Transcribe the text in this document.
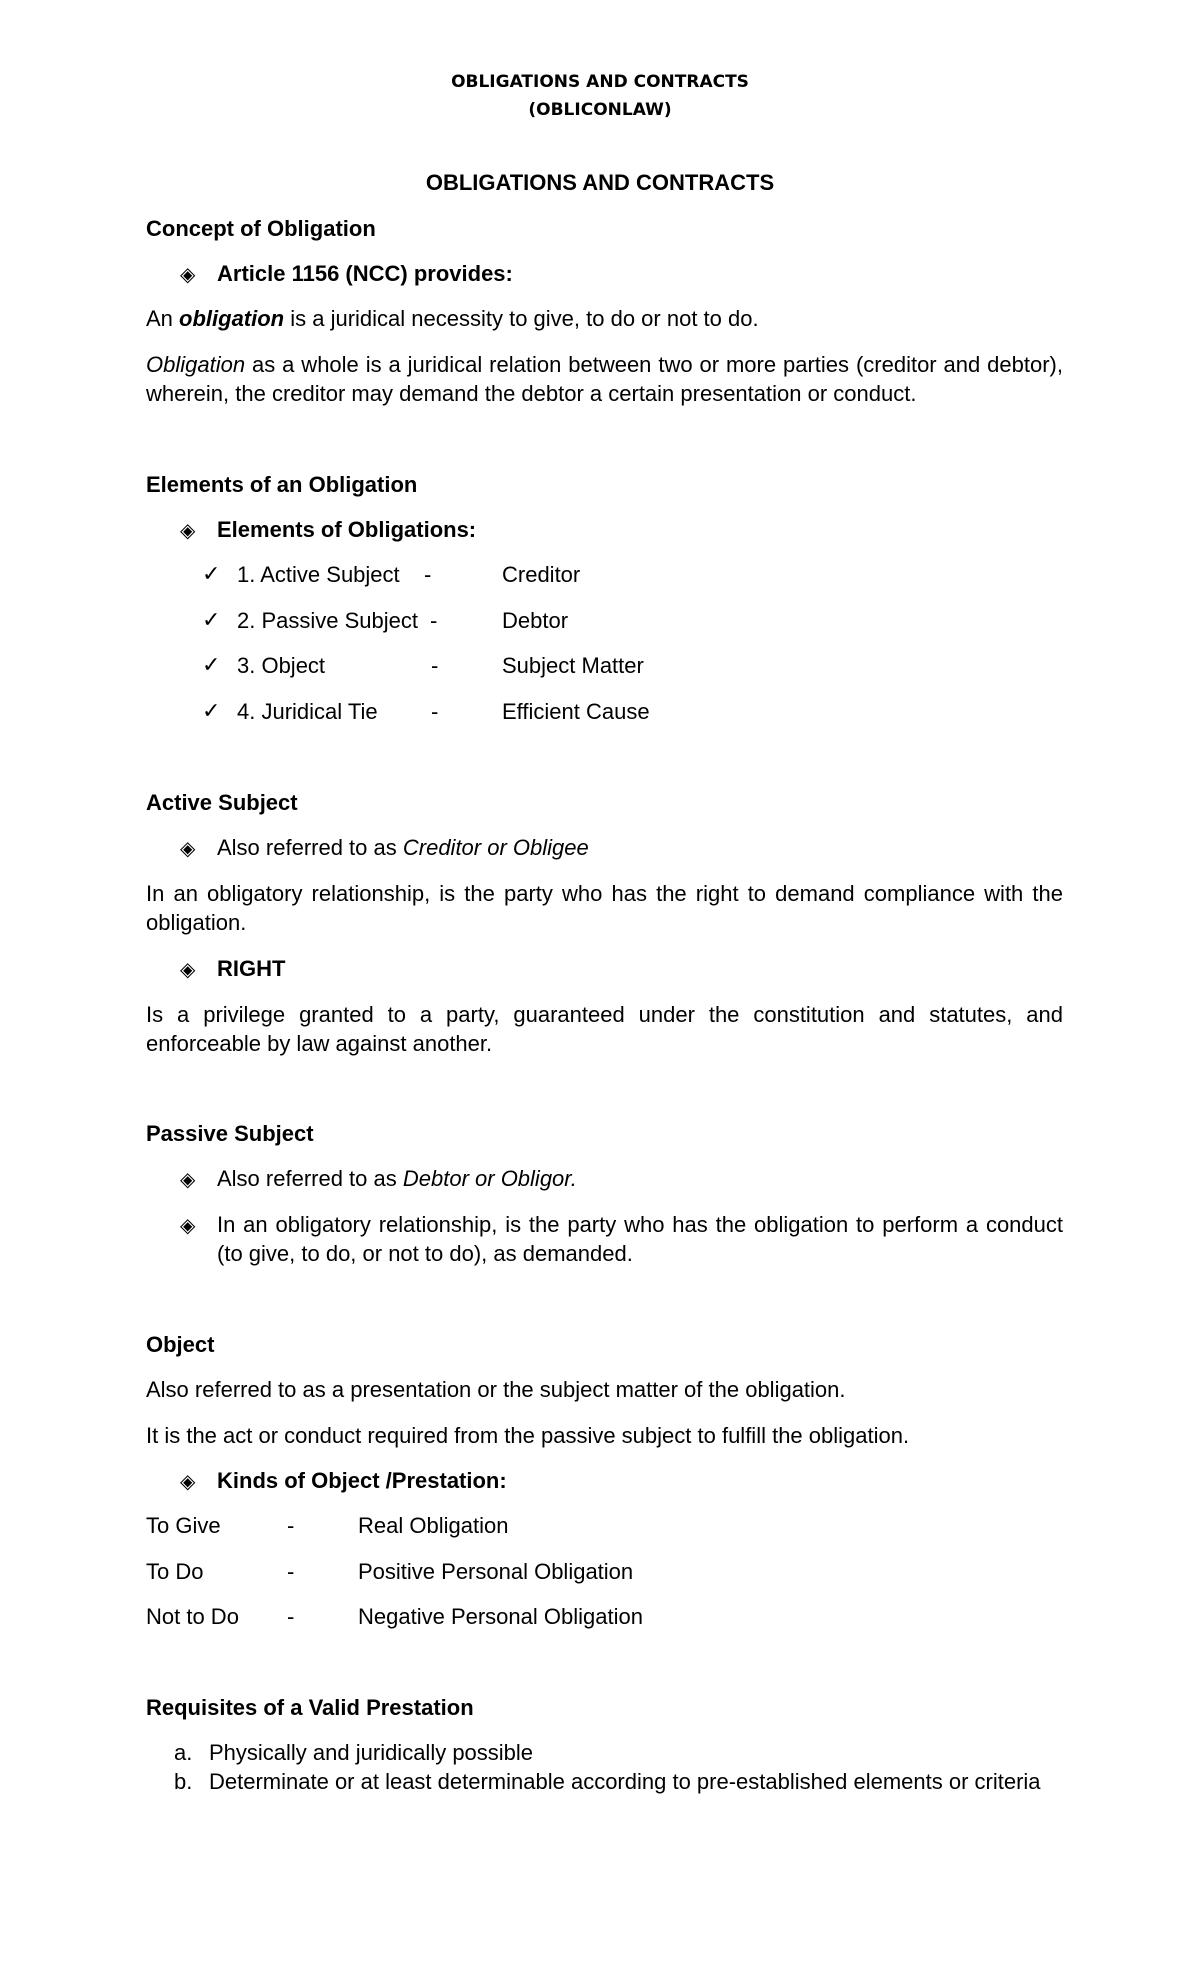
OBLIGATIONS AND CONTRACTS
(OBLICONLAW)
OBLIGATIONS AND CONTRACTS
Concept of Obligation
◈ Article 1156 (NCC) provides:
An obligation is a juridical necessity to give, to do or not to do.
Obligation as a whole is a juridical relation between two or more parties (creditor and debtor), wherein, the creditor may demand the debtor a certain presentation or conduct.
Elements of an Obligation
◈ Elements of Obligations:
✓ 1. Active Subject -	Creditor
✓ 2. Passive Subject -	Debtor
✓ 3. Object	-	Subject Matter
✓ 4. Juridical Tie -	Efficient Cause
Active Subject
◈ Also referred to as Creditor or Obligee
In an obligatory relationship, is the party who has the right to demand compliance with the obligation.
◈ RIGHT
Is a privilege granted to a party, guaranteed under the constitution and statutes, and enforceable by law against another.
Passive Subject
◈ Also referred to as Debtor or Obligor.
◈ In an obligatory relationship, is the party who has the obligation to perform a conduct (to give, to do, or not to do), as demanded.
Object
Also referred to as a presentation or the subject matter of the obligation.
It is the act or conduct required from the passive subject to fulfill the obligation.
◈ Kinds of Object /Prestation:
To Give	-	Real Obligation
To Do	-	Positive Personal Obligation
Not to Do -	Negative Personal Obligation
Requisites of a Valid Prestation
a. Physically and juridically possible
b. Determinate or at least determinable according to pre-established elements or criteria
